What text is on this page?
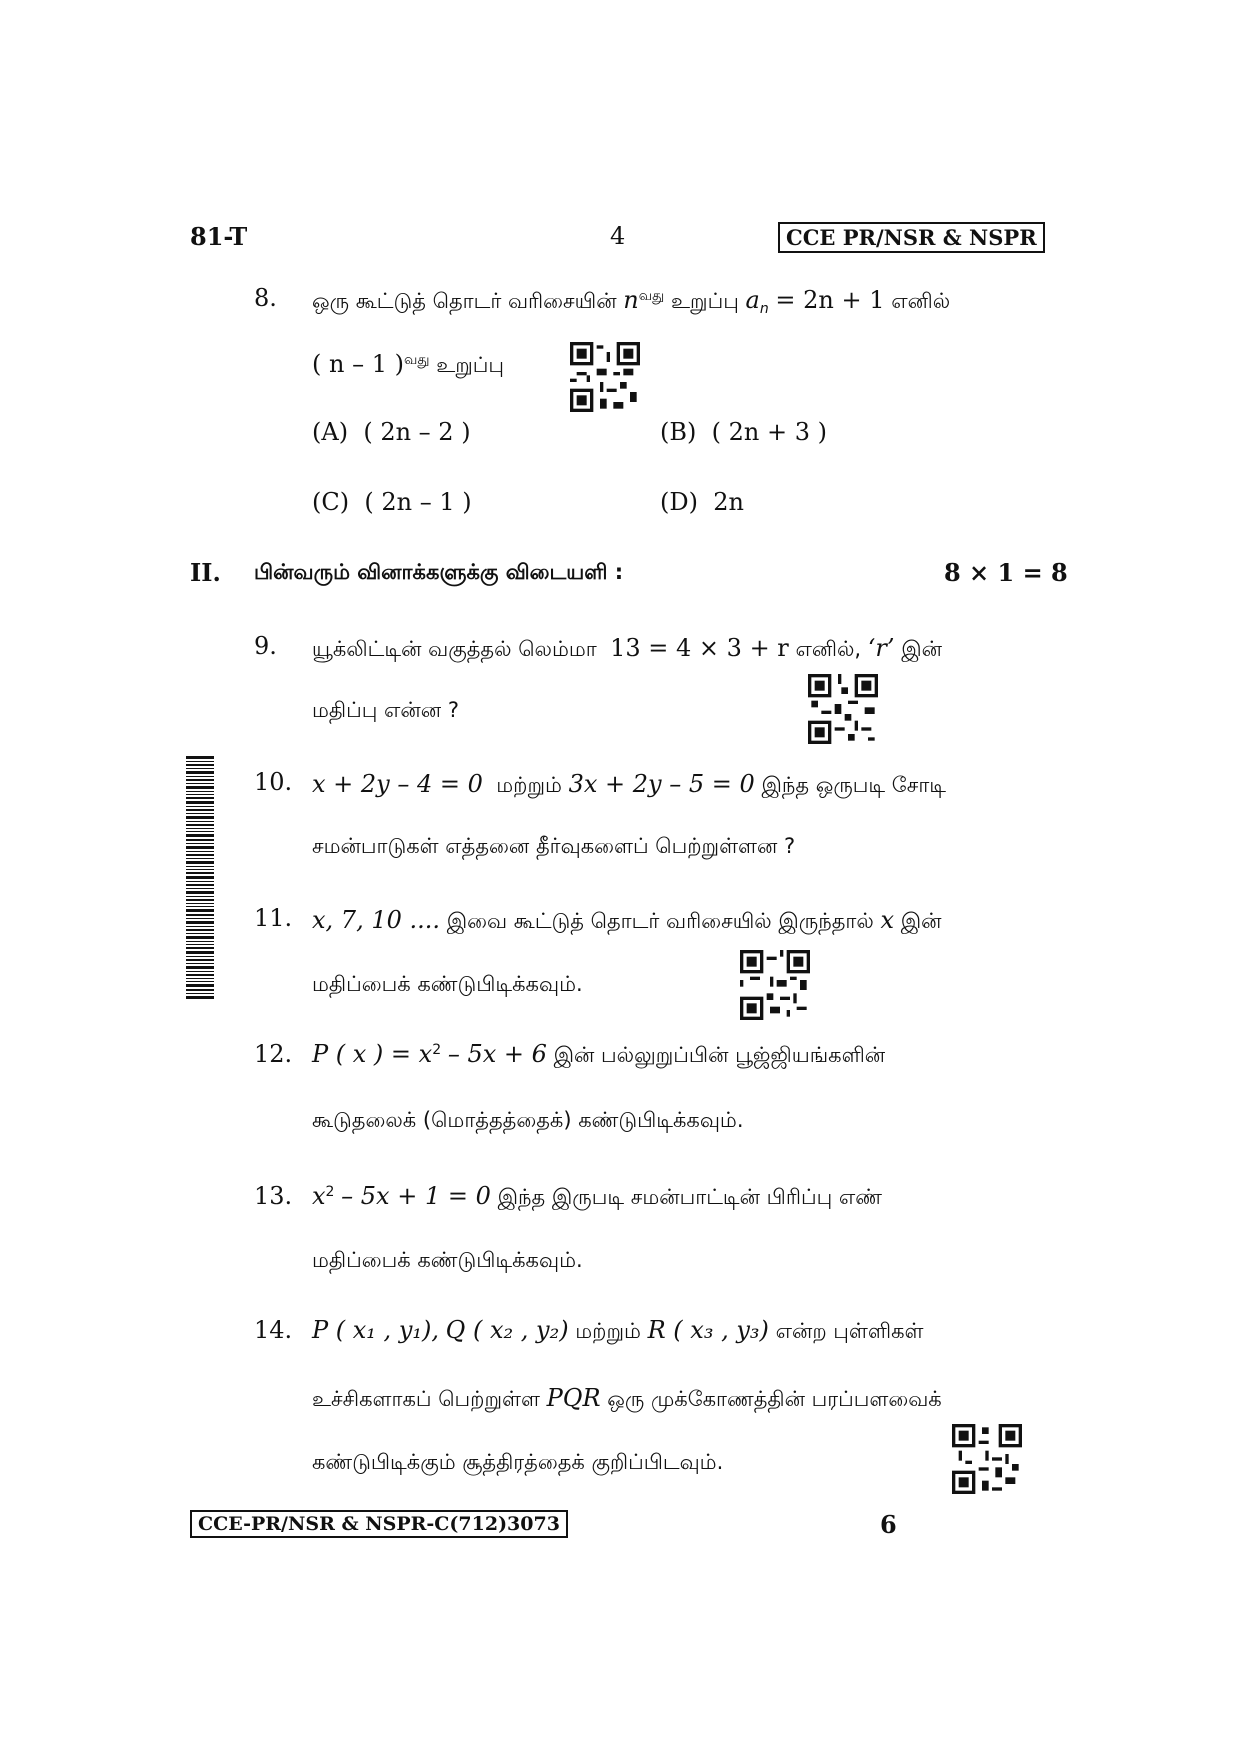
81-T	4	CCE PR/NSR & NSPR
8. ஒரு கூட்டுத் தொடர் வரிசையின் $n^{வது}$ உறுப்பு $a_n = 2n + 1$ எனில்
( n – 1 )$^{வது}$ உறுப்பு
(A) ( 2n – 2 )	(B) ( 2n + 3 )
(C) ( 2n – 1 )	(D) 2n
II. பின்வரும் வினாக்களுக்கு விடையளி :	8 × 1 = 8
9. யூக்லிட்டின் வகுத்தல் லெம்மா 13 = 4 × 3 + r எனில், ‘r’ இன்
மதிப்பு என்ன ?
10. x + 2y – 4 = 0 மற்றும் 3x + 2y – 5 = 0 இந்த ஒருபடி சோடி
சமன்பாடுகள் எத்தனை தீர்வுகளைப் பெற்றுள்ளன ?
11. x, 7, 10 .... இவை கூட்டுத் தொடர் வரிசையில் இருந்தால் x இன்
மதிப்பைக் கண்டுபிடிக்கவும்.
12. P ( x ) = $x^2 - 5x + 6$ இன் பல்லுறுப்பின் பூஜ்ஜியங்களின்
கூடுதலைக் (மொத்தத்தைக்) கண்டுபிடிக்கவும்.
13. $x^2 - 5x + 1 = 0$ இந்த இருபடி சமன்பாட்டின் பிரிப்பு எண்
மதிப்பைக் கண்டுபிடிக்கவும்.
14. P ( x₁ , y₁), Q ( x₂ , y₂) மற்றும் R ( x₃ , y₃) என்ற புள்ளிகள்
உச்சிகளாகப் பெற்றுள்ள PQR ஒரு முக்கோணத்தின் பரப்பளவைக்
கண்டுபிடிக்கும் சூத்திரத்தைக் குறிப்பிடவும்.
CCE-PR/NSR & NSPR-C(712)3073	6
